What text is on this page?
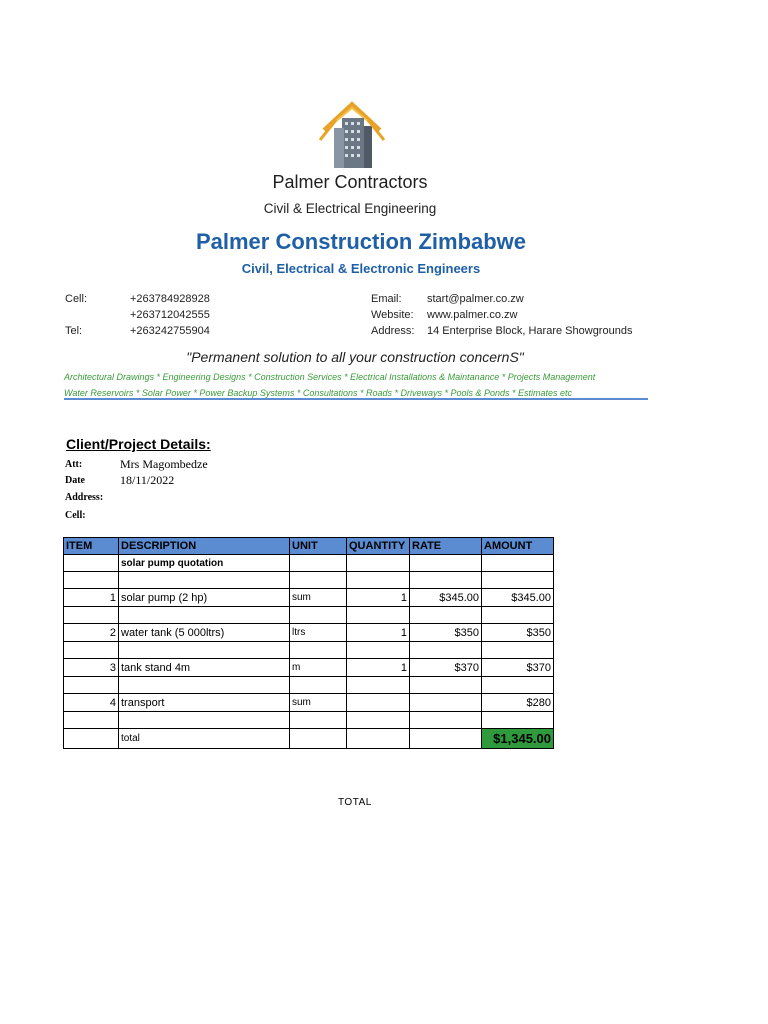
Palmer Contractors
Civil & Electrical Engineering
Palmer Construction Zimbabwe
Civil, Electrical & Electronic Engineers
Cell:	+263784928928
+263712042555
Tel:	+263242755904
Email: start@palmer.co.zw
Website: www.palmer.co.zw
Address: 14 Enterprise Block, Harare Showgrounds
"Permanent solution to all your construction concernS"
Architectural Drawings * Engineering Designs * Construction Services * Electrical Installations & Maintanance * Projects Management
Water Reservoirs * Solar Power * Power Backup Systems * Consultations * Roads * Driveways * Pools & Ponds * Estimates etc
Client/Project Details:
Att:	Mrs Magombedze
Date	18/11/2022
Address:
Cell:
ITEM	DESCRIPTION	UNIT	QUANTITY	RATE	AMOUNT
	solar pump quotation				

1	solar pump (2 hp)	sum	1	$345.00	$345.00

2	water tank (5 000ltrs)	ltrs	1	$350	$350

3	tank stand 4m	m	1	$370	$370

4	transport	sum			$280

	total				$1,345.00
TOTAL
